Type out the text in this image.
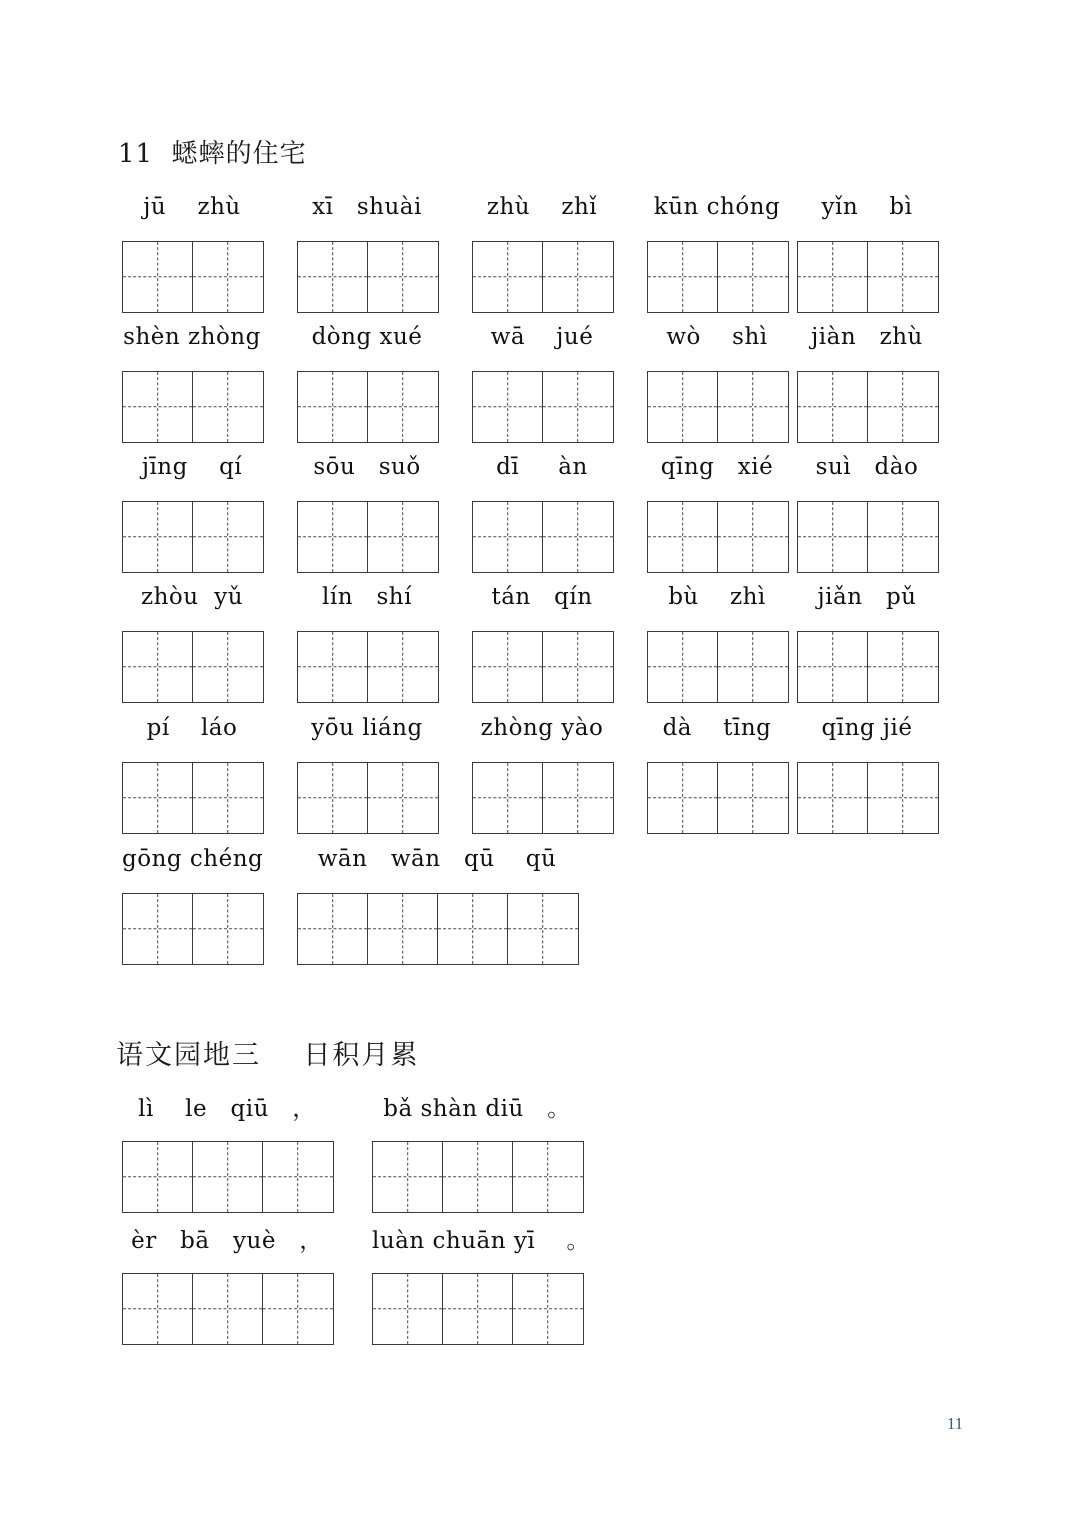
11  蟋蟀的住宅
jū    zhù	xī   shuài	zhù    zhǐ	kūn chóng	yǐn    bì
shèn zhòng	dòng xué	wā    jué	wò    shì	jiàn   zhù
jīng    qí	sōu   suǒ	dī     àn	qīng   xié	suì   dào
zhòu  yǔ	lín   shí	tán   qín	bù    zhì	jiǎn   pǔ
pí    láo	yōu liáng	zhòng yào	dà    tīng	qīng jié
gōng chéng	wān   wān   qū    qū
语文园地三    日积月累
lì    le   qiū   ，	bǎ shàn diū   。
èr   bā   yuè   ，	luàn chuān yī    。
11
